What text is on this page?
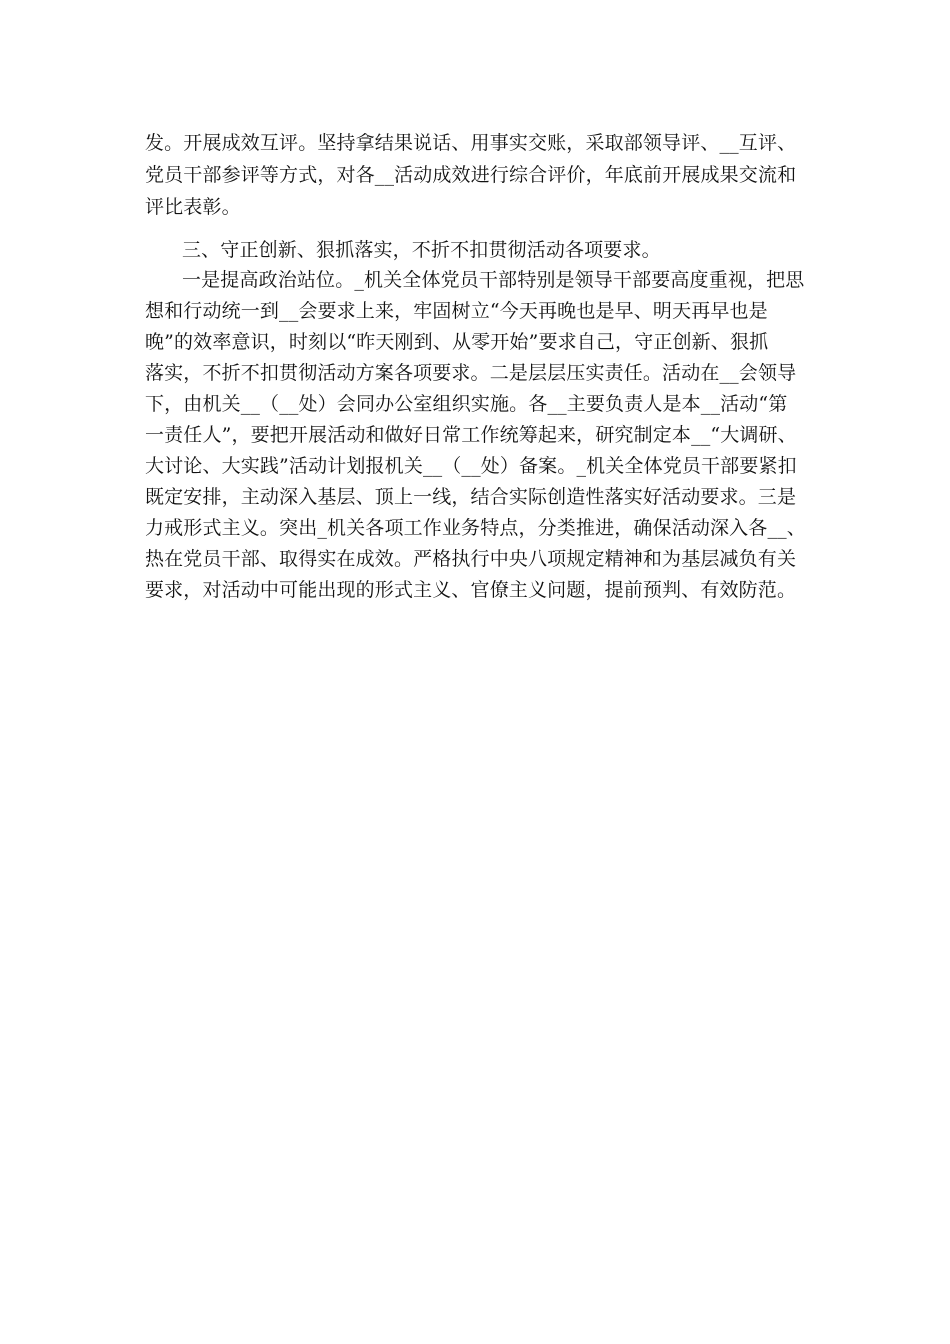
发。开展成效互评。坚持拿结果说话、用事实交账，采取部领导评、__互评、
党员干部参评等方式，对各__活动成效进行综合评价，年底前开展成果交流和
评比表彰。
三、守正创新、狠抓落实，不折不扣贯彻活动各项要求。
一是提高政治站位。_机关全体党员干部特别是领导干部要高度重视，把思
想和行动统一到__会要求上来，牢固树立“今天再晚也是早、明天再早也是
晚”的效率意识，时刻以“昨天刚到、从零开始”要求自己，守正创新、狠抓
落实，不折不扣贯彻活动方案各项要求。二是层层压实责任。活动在__会领导
下，由机关__（__处）会同办公室组织实施。各__主要负责人是本__活动“第
一责任人”，要把开展活动和做好日常工作统筹起来，研究制定本__“大调研、
大讨论、大实践”活动计划报机关__（__处）备案。_机关全体党员干部要紧扣
既定安排，主动深入基层、顶上一线，结合实际创造性落实好活动要求。三是
力戒形式主义。突出_机关各项工作业务特点，分类推进，确保活动深入各__、
热在党员干部、取得实在成效。严格执行中央八项规定精神和为基层减负有关
要求，对活动中可能出现的形式主义、官僚主义问题，提前预判、有效防范。
